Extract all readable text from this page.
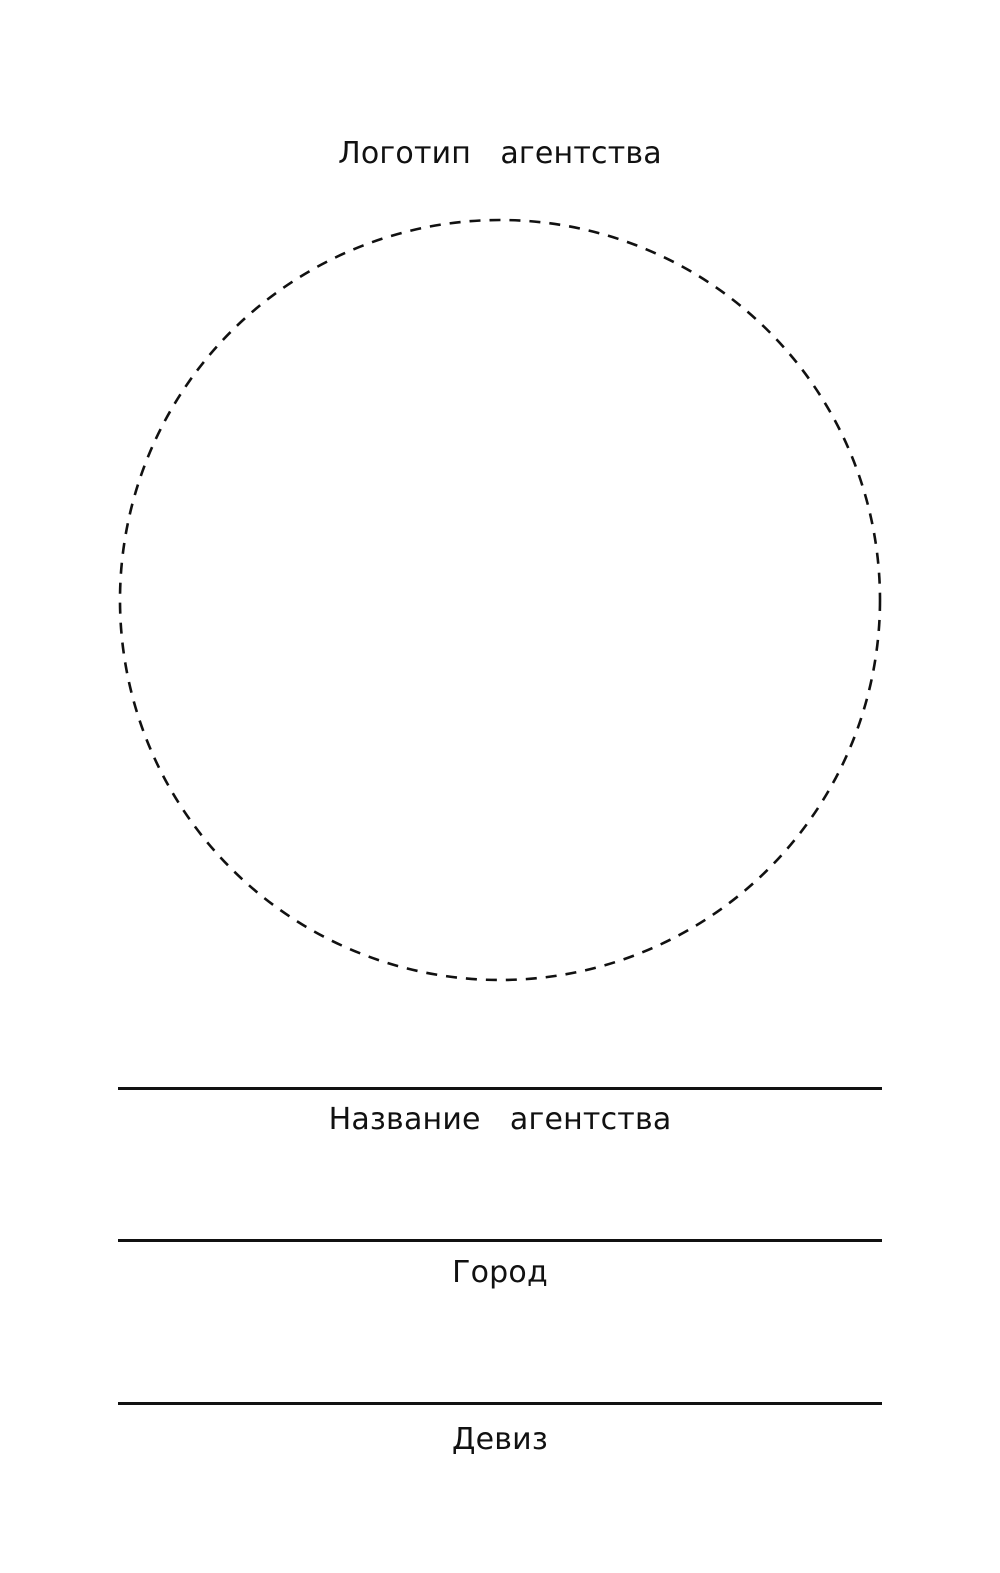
Логотип   агентства
Название   агентства
Город
Девиз
